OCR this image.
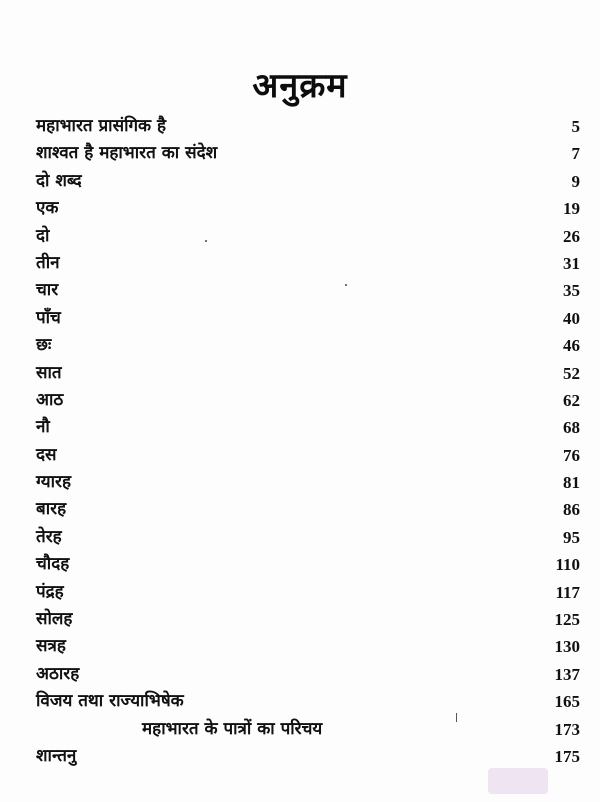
अनुक्रम
महाभारत प्रासंगिक है	5
शाश्वत है महाभारत का संदेश	7
दो शब्द	9
एक	19
दो	26
तीन	31
चार	35
पाँच	40
छः	46
सात	52
आठ	62
नौ	68
दस	76
ग्यारह	81
बारह	86
तेरह	95
चौदह	110
पंद्रह	117
सोलह	125
सत्रह	130
अठारह	137
विजय तथा राज्याभिषेक	165
महाभारत के पात्रों का परिचय	173
शान्तनु	175
